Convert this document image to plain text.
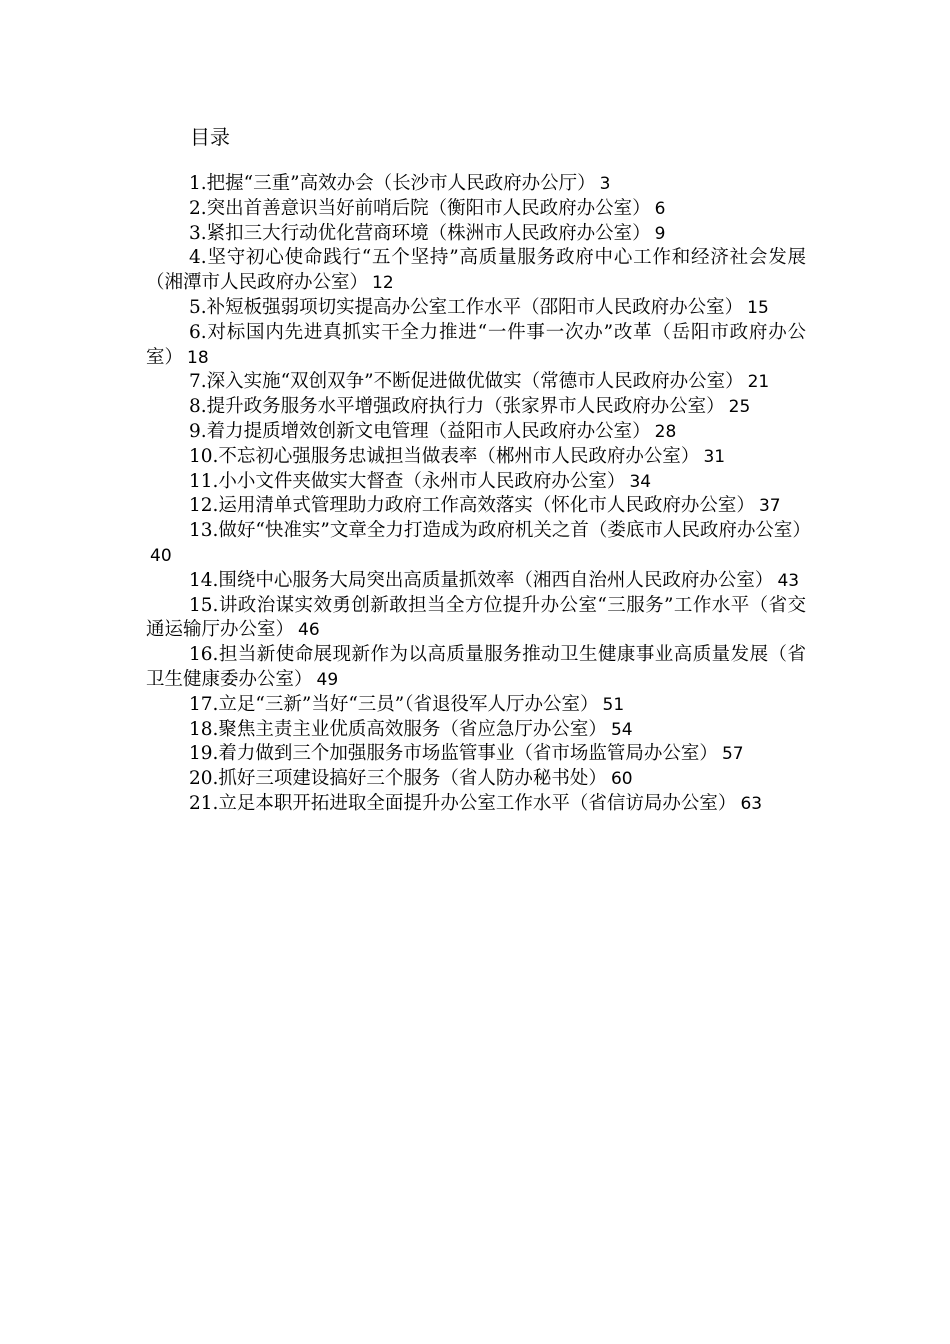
目录
1.把握“三重”高效办会（长沙市人民政府办公厅） 3
2.突出首善意识当好前哨后院（衡阳市人民政府办公室） 6
3.紧扣三大行动优化营商环境（株洲市人民政府办公室） 9
4.坚守初心使命践行“五个坚持”高质量服务政府中心工作和经济社会发展（湘潭市人民政府办公室） 12
5.补短板强弱项切实提高办公室工作水平（邵阳市人民政府办公室） 15
6.对标国内先进真抓实干全力推进“一件事一次办”改革（岳阳市政府办公室） 18
7.深入实施“双创双争”不断促进做优做实（常德市人民政府办公室） 21
8.提升政务服务水平增强政府执行力（张家界市人民政府办公室） 25
9.着力提质增效创新文电管理（益阳市人民政府办公室） 28
10.不忘初心强服务忠诚担当做表率（郴州市人民政府办公室） 31
11.小小文件夹做实大督查（永州市人民政府办公室） 34
12.运用清单式管理助力政府工作高效落实（怀化市人民政府办公室） 37
13.做好“快准实”文章全力打造成为政府机关之首（娄底市人民政府办公室）40
14.围绕中心服务大局突出高质量抓效率（湘西自治州人民政府办公室） 43
15.讲政治谋实效勇创新敢担当全方位提升办公室“三服务”工作水平（省交通运输厅办公室） 46
16.担当新使命展现新作为以高质量服务推动卫生健康事业高质量发展（省卫生健康委办公室） 49
17.立足“三新”当好“三员”（省退役军人厅办公室） 51
18.聚焦主责主业优质高效服务（省应急厅办公室） 54
19.着力做到三个加强服务市场监管事业（省市场监管局办公室） 57
20.抓好三项建设搞好三个服务（省人防办秘书处） 60
21.立足本职开拓进取全面提升办公室工作水平（省信访局办公室） 63
